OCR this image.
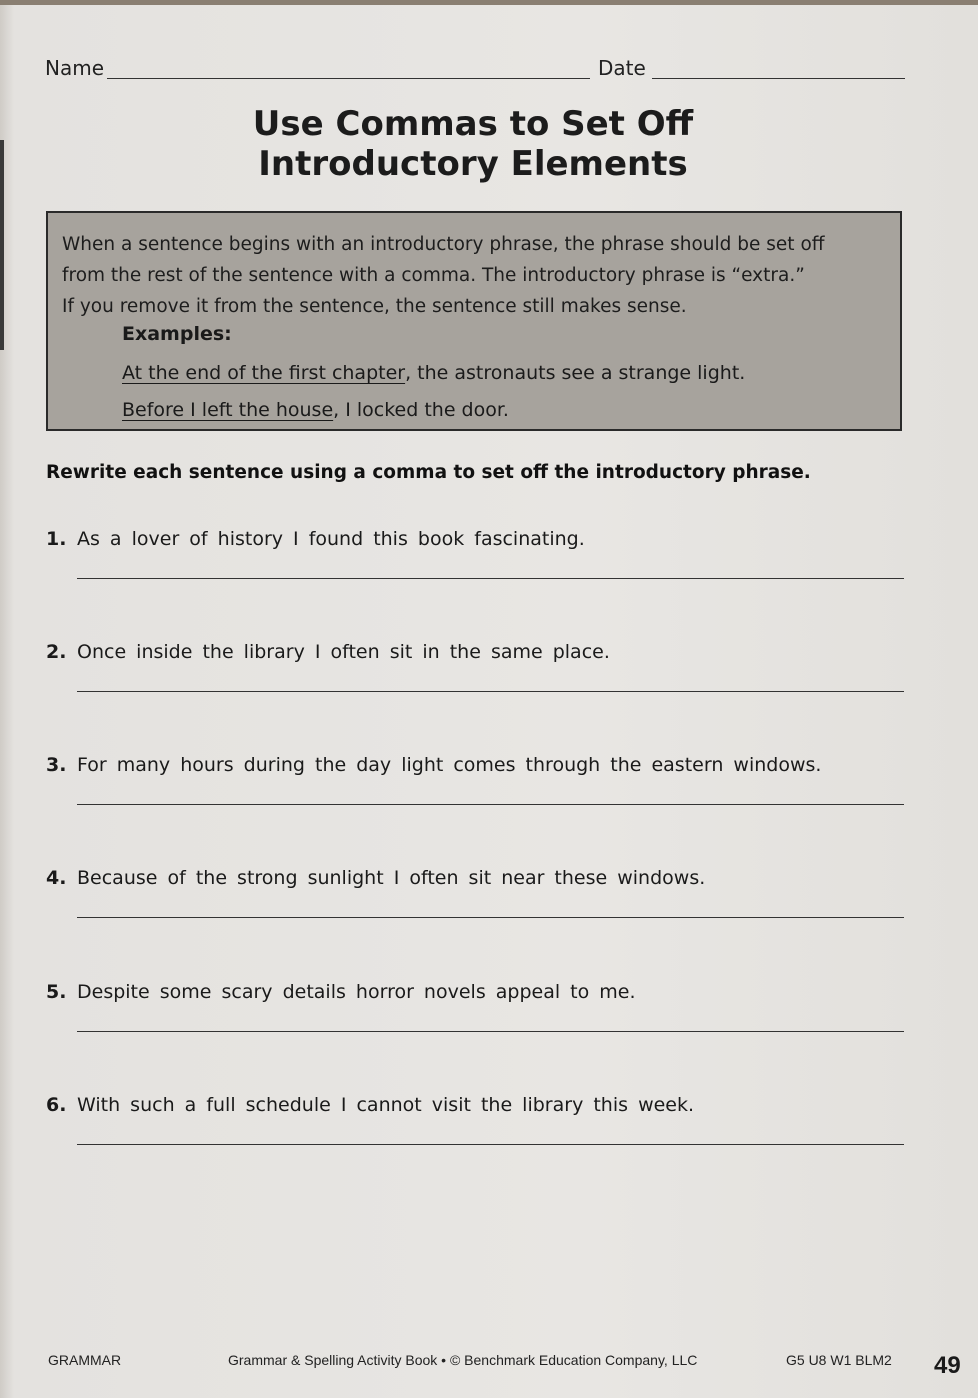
Name	Date
Use Commas to Set Off
Introductory Elements
When a sentence begins with an introductory phrase, the phrase should be set off
from the rest of the sentence with a comma. The introductory phrase is “extra.”
If you remove it from the sentence, the sentence still makes sense.
Examples:
At the end of the first chapter, the astronauts see a strange light.
Before I left the house, I locked the door.
Rewrite each sentence using a comma to set off the introductory phrase.
1. As a lover of history I found this book fascinating.
2. Once inside the library I often sit in the same place.
3. For many hours during the day light comes through the eastern windows.
4. Because of the strong sunlight I often sit near these windows.
5. Despite some scary details horror novels appeal to me.
6. With such a full schedule I cannot visit the library this week.
GRAMMAR	Grammar & Spelling Activity Book • © Benchmark Education Company, LLC	G5 U8 W1 BLM2 49
